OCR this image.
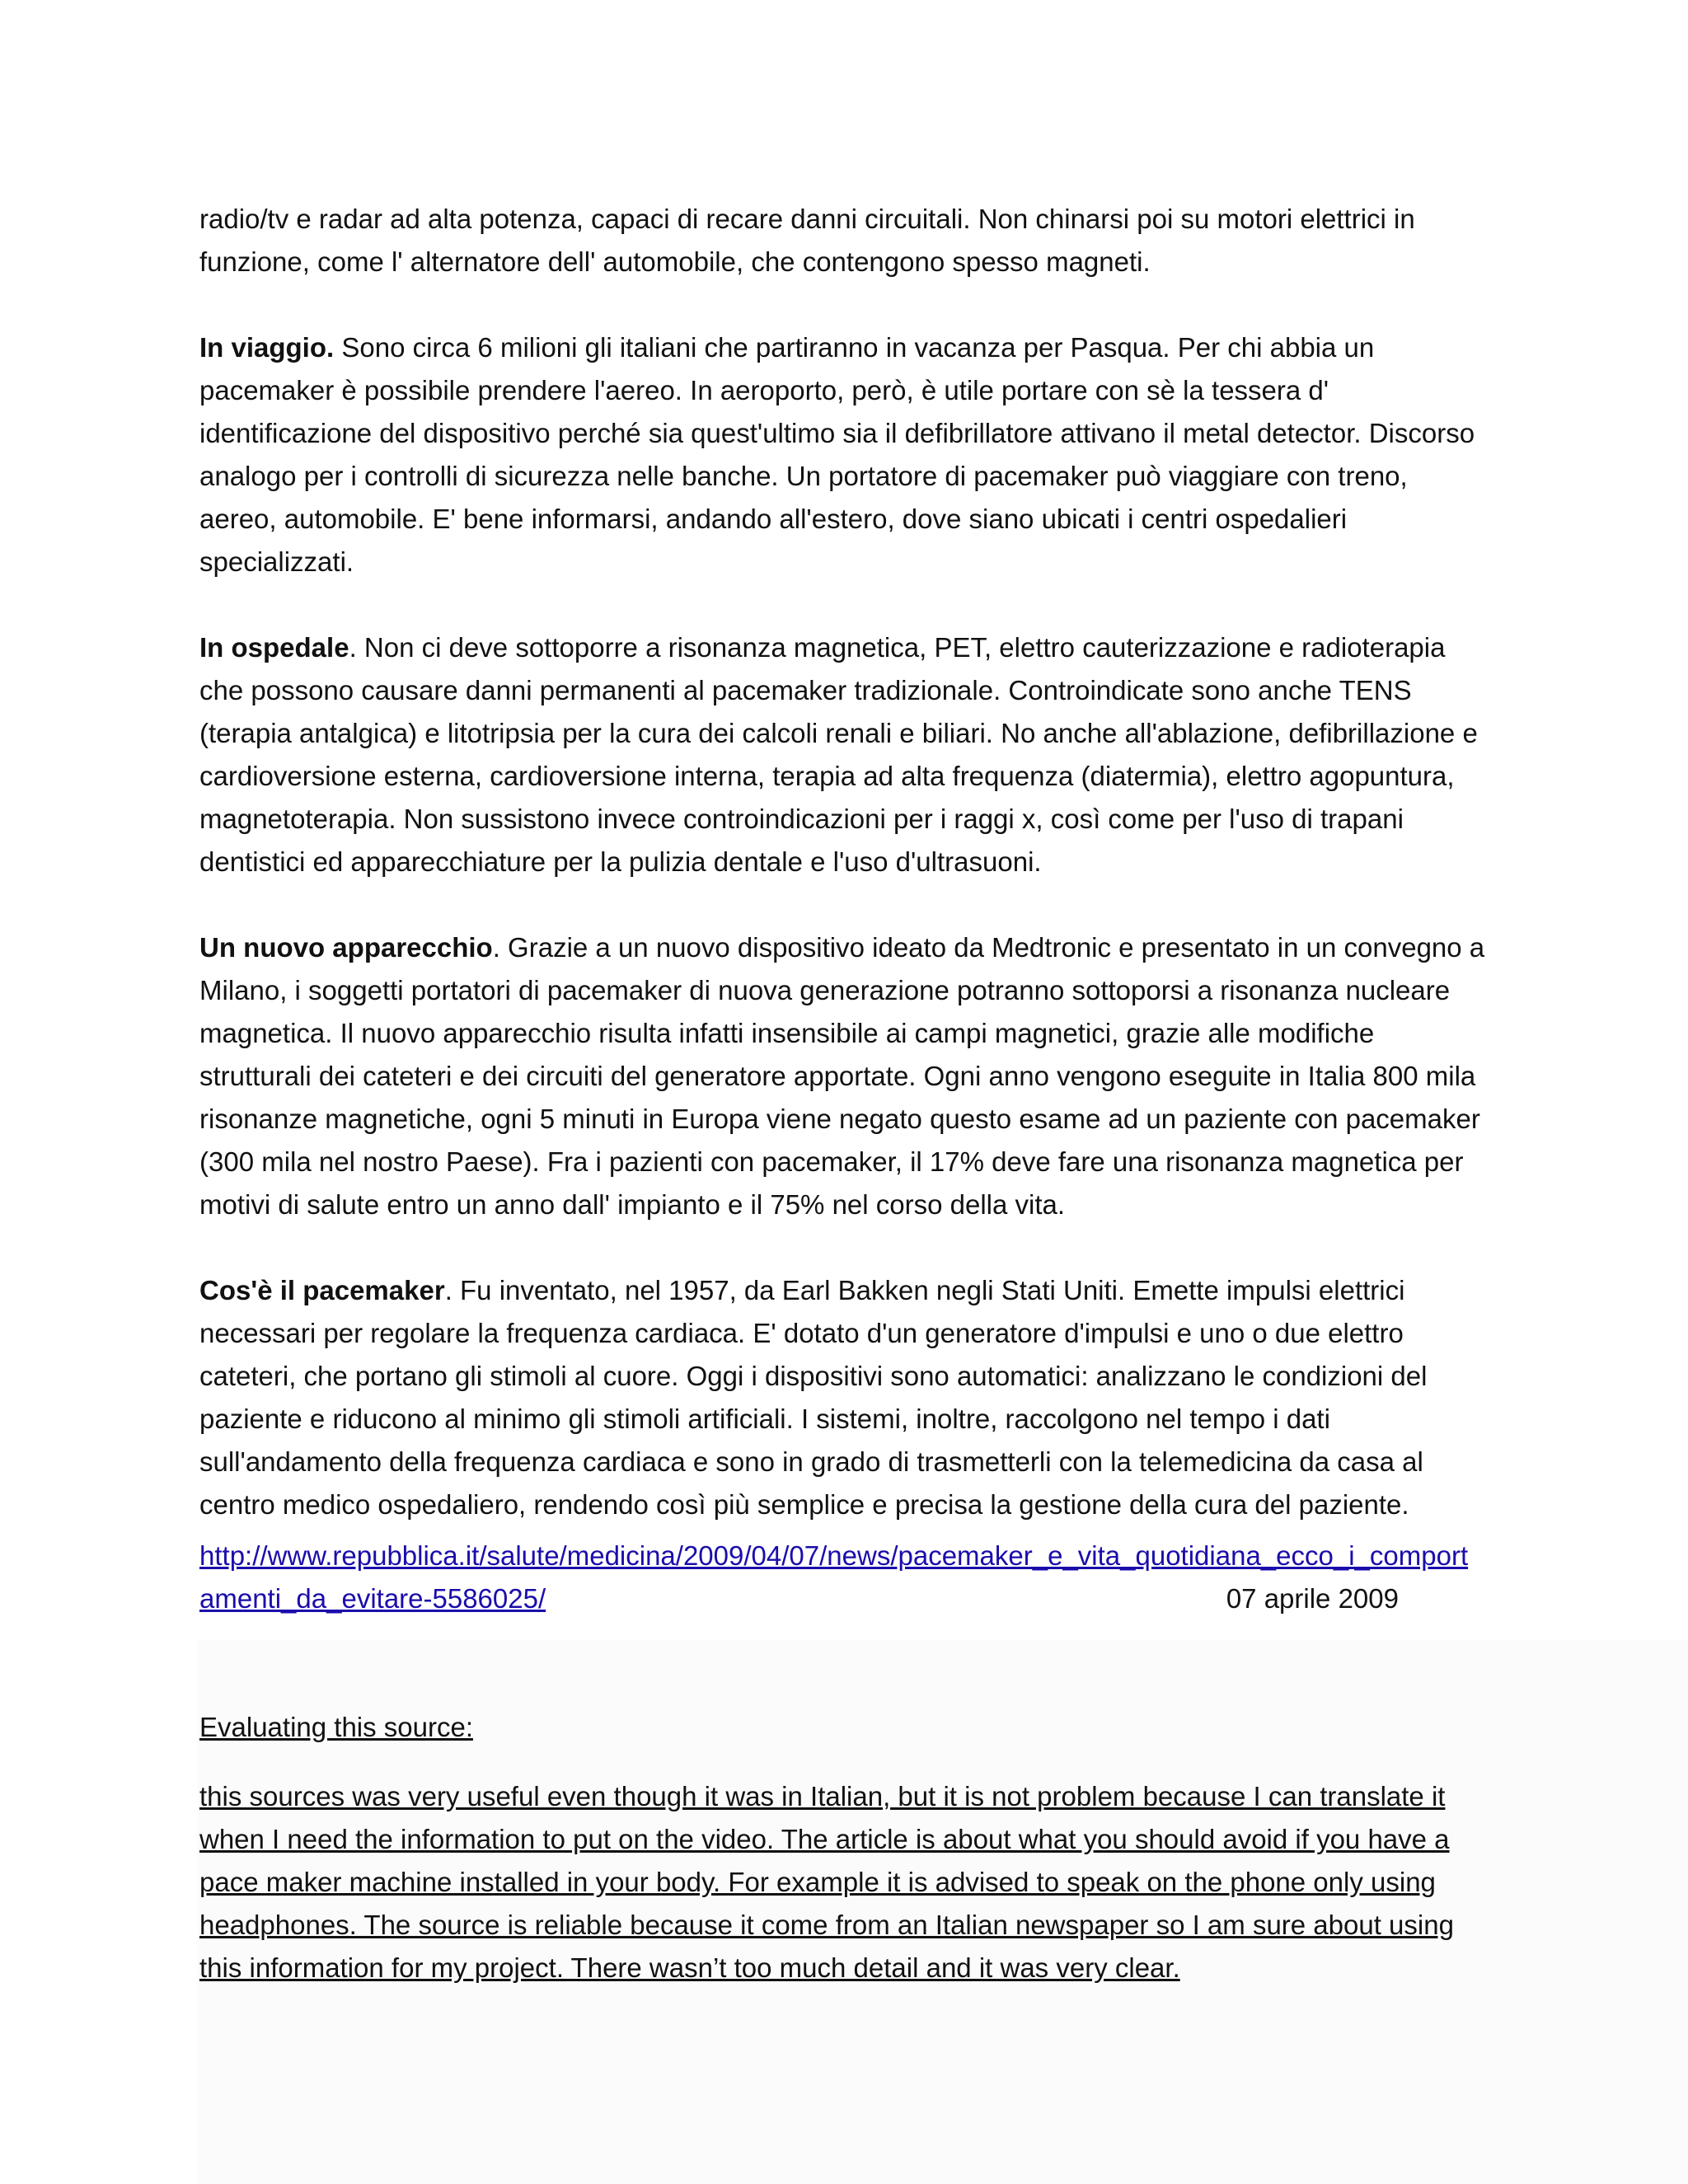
radio/tv e radar ad alta potenza, capaci di recare danni circuitali. Non chinarsi poi su motori elettrici in funzione, come l' alternatore dell' automobile, che contengono spesso magneti.

In viaggio. Sono circa 6 milioni gli italiani che partiranno in vacanza per Pasqua. Per chi abbia un pacemaker è possibile prendere l'aereo. In aeroporto, però, è utile portare con sè la tessera d' identificazione del dispositivo perché sia quest'ultimo sia il defibrillatore attivano il metal detector. Discorso analogo per i controlli di sicurezza nelle banche. Un portatore di pacemaker può viaggiare con treno, aereo, automobile. E' bene informarsi, andando all'estero, dove siano ubicati i centri ospedalieri specializzati.

In ospedale. Non ci deve sottoporre a risonanza magnetica, PET, elettro cauterizzazione e radioterapia che possono causare danni permanenti al pacemaker tradizionale. Controindicate sono anche TENS (terapia antalgica) e litotripsia per la cura dei calcoli renali e biliari. No anche all'ablazione, defibrillazione e cardioversione esterna, cardioversione interna, terapia ad alta frequenza (diatermia), elettro agopuntura, magnetoterapia. Non sussistono invece controindicazioni per i raggi x, così come per l'uso di trapani dentistici ed apparecchiature per la pulizia dentale e l'uso d'ultrasuoni.

Un nuovo apparecchio. Grazie a un nuovo dispositivo ideato da Medtronic e presentato in un convegno a Milano, i soggetti portatori di pacemaker di nuova generazione potranno sottoporsi a risonanza nucleare magnetica. Il nuovo apparecchio risulta infatti insensibile ai campi magnetici, grazie alle modifiche strutturali dei cateteri e dei circuiti del generatore apportate. Ogni anno vengono eseguite in Italia 800 mila risonanze magnetiche, ogni 5 minuti in Europa viene negato questo esame ad un paziente con pacemaker (300 mila nel nostro Paese). Fra i pazienti con pacemaker, il 17% deve fare una risonanza magnetica per motivi di salute entro un anno dall' impianto e il 75% nel corso della vita.

Cos'è il pacemaker. Fu inventato, nel 1957, da Earl Bakken negli Stati Uniti. Emette impulsi elettrici necessari per regolare la frequenza cardiaca. E' dotato d'un generatore d'impulsi e uno o due elettro cateteri, che portano gli stimoli al cuore. Oggi i dispositivi sono automatici: analizzano le condizioni del paziente e riducono al minimo gli stimoli artificiali. I sistemi, inoltre, raccolgono nel tempo i dati sull'andamento della frequenza cardiaca e sono in grado di trasmetterli con la telemedicina da casa al centro medico ospedaliero, rendendo così più semplice e precisa la gestione della cura del paziente.

http://www.repubblica.it/salute/medicina/2009/04/07/news/pacemaker_e_vita_quotidiana_ecco_i_comportamenti_da_evitare-5586025/	07 aprile 2009

Evaluating this source:

this sources was very useful even though it was in Italian, but it is not problem because I can translate it when I need the information to put on the video. The article is about what you should avoid if you have a pace maker machine installed in your body. For example it is advised to speak on the phone only using headphones. The source is reliable because it come from an Italian newspaper so I am sure about using this information for my project. There wasn’t too much detail and it was very clear.
